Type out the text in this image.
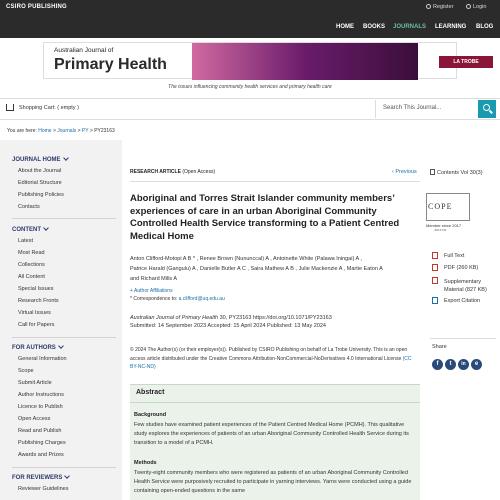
CSIRO PUBLISHING	Register	Login
HOME BOOKS JOURNALS LEARNING BLOG
Australian Journal of
Primary Health	LA TROBE
The issues influencing community health services and primary health care
Shopping Cart: ( empty )	Search This Journal...
You are here: Home > Journals > PY > PY23163
JOURNAL HOME
About the Journal
Editorial Structure
Publishing Policies
Contacts
CONTENT
Latest
Most Read
Collections
All Content
Special Issues
Research Fronts
Virtual Issues
Call for Papers
FOR AUTHORS
General Information
Scope
Submit Article
Author Instructions
Licence to Publish
Open Access
Read and Publish
Publishing Charges
Awards and Prizes
FOR REVIEWERS
Reviewer Guidelines
RESEARCH ARTICLE (Open Access)	‹ Previous
Aboriginal and Torres Strait Islander community members’ experiences of care in an urban Aboriginal Community Controlled Health Service transforming to a Patient Centred Medical Home
Anton Clifford-Motopi A B * , Renee Brown (Nununccal) A , Antoinette White (Palawa Iningai) A ,
Patrice Harald (Gangulu) A , Danielle Butler A C , Saira Mathew A B , Julie Mackenzie A , Martie Eaton A
and Richard Mills A
+ Author Affiliations
* Correspondence to: a.clifford@uq.edu.au
Australian Journal of Primary Health 30, PY23163 https://doi.org/10.1071/PY23163
Submitted: 14 September 2023 Accepted: 15 April 2024 Published: 13 May 2024
© 2024 The Author(s) (or their employer(s)). Published by CSIRO Publishing on behalf of La Trobe University. This is an open access article distributed under the Creative Commons Attribution-NonCommercial-NoDerivatives 4.0 International License (CC BY-NC-ND)
Abstract
Background
Few studies have examined patient experiences of the Patient Centred Medical Home (PCMH). This qualitative study explores the experiences of patients of an urban Aboriginal Community Controlled Health Service during its transition to a model of a PCMH.
Methods
Twenty-eight community members who were registered as patients of an urban Aboriginal Community Controlled Health Service were purposively recruited to participate in yarning interviews. Yarns were conducted using a guide containing open-ended questions in the same
Contents Vol 30(3)
COPE
Member since 2017
JM13735
Full Text
PDF (260 KB)
Supplementary Material (827 KB)
Export Citation
Share
f	t	in	e
